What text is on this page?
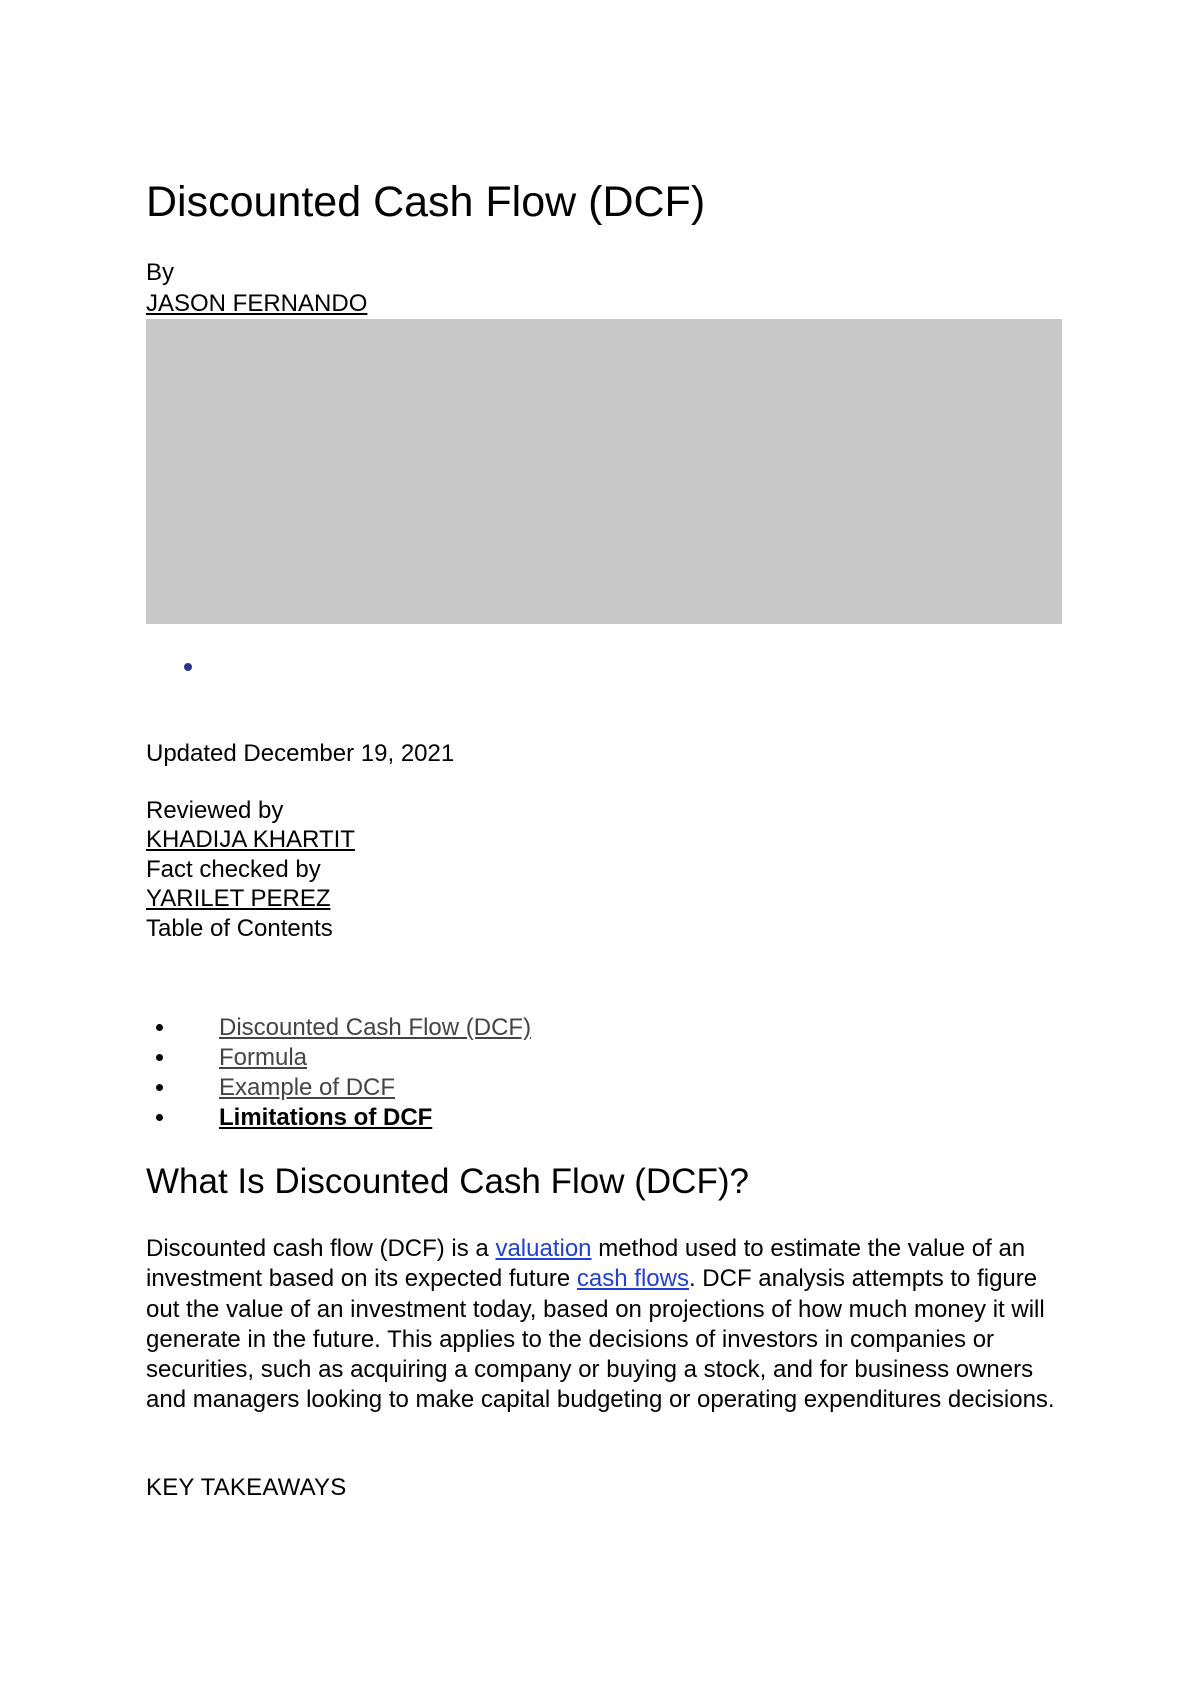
Discounted Cash Flow (DCF)
By
JASON FERNANDO
Updated December 19, 2021
Reviewed by
KHADIJA KHARTIT
Fact checked by
YARILET PEREZ
Table of Contents
Discounted Cash Flow (DCF)
Formula
Example of DCF
Limitations of DCF
What Is Discounted Cash Flow (DCF)?

Discounted cash flow (DCF) is a valuation method used to estimate the value of an investment based on its expected future cash flows. DCF analysis attempts to figure out the value of an investment today, based on projections of how much money it will generate in the future. This applies to the decisions of investors in companies or securities, such as acquiring a company or buying a stock, and for business owners and managers looking to make capital budgeting or operating expenditures decisions.

KEY TAKEAWAYS
